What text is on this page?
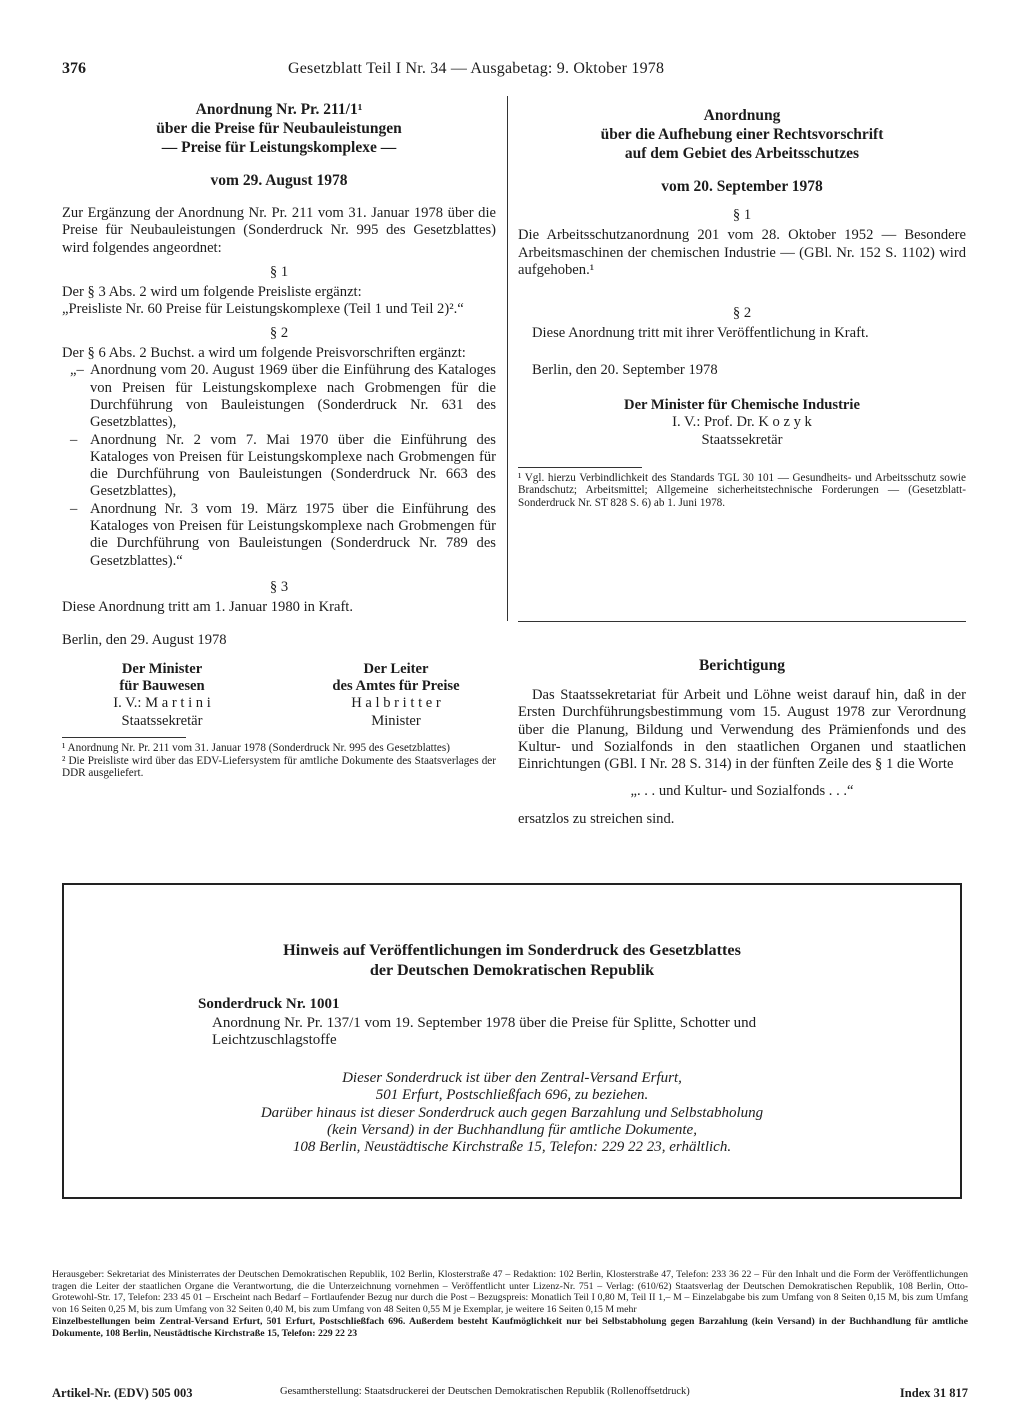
376	Gesetzblatt Teil I Nr. 34 — Ausgabetag: 9. Oktober 1978
Anordnung Nr. Pr. 211/1¹
über die Preise für Neubauleistungen
— Preise für Leistungskomplexe —
vom 29. August 1978

Zur Ergänzung der Anordnung Nr. Pr. 211 vom 31. Januar 1978 über die Preise für Neubauleistungen (Sonderdruck Nr. 995 des Gesetzblattes) wird folgendes angeordnet:

§ 1

Der § 3 Abs. 2 wird um folgende Preisliste ergänzt:

„Preisliste Nr. 60 Preise für Leistungskomplexe (Teil 1 und Teil 2)².“

§ 2

Der § 6 Abs. 2 Buchst. a wird um folgende Preisvorschriften ergänzt:

„– Anordnung vom 20. August 1969 über die Einführung des Kataloges von Preisen für Leistungskomplexe nach Grobmengen für die Durchführung von Bauleistungen (Sonderdruck Nr. 631 des Gesetzblattes),
– Anordnung Nr. 2 vom 7. Mai 1970 über die Einführung des Kataloges von Preisen für Leistungskomplexe nach Grobmengen für die Durchführung von Bauleistungen (Sonderdruck Nr. 663 des Gesetzblattes),
– Anordnung Nr. 3 vom 19. März 1975 über die Einführung des Kataloges von Preisen für Leistungskomplexe nach Grobmengen für die Durchführung von Bauleistungen (Sonderdruck Nr. 789 des Gesetzblattes).“
§ 3

Diese Anordnung tritt am 1. Januar 1980 in Kraft.

Berlin, den 29. August 1978

Der Minister
für Bauwesen
I. V.: M a r t i n i
Staatssekretär
Der Leiter
des Amtes für Preise
H a l b r i t t e r
Minister

¹ Anordnung Nr. Pr. 211 vom 31. Januar 1978 (Sonderdruck Nr. 995 des Gesetzblattes)

² Die Preisliste wird über das EDV-Liefersystem für amtliche Dokumente des Staatsverlages der DDR ausgeliefert.

Anordnung
über die Aufhebung einer Rechtsvorschrift
auf dem Gebiet des Arbeitsschutzes
vom 20. September 1978
§ 1

Die Arbeitsschutzanordnung 201 vom 28. Oktober 1952 — Besondere Arbeitsmaschinen der chemischen Industrie — (GBl. Nr. 152 S. 1102) wird aufgehoben.¹

§ 2

Diese Anordnung tritt mit ihrer Veröffentlichung in Kraft.

Berlin, den 20. September 1978

Der Minister für Chemische Industrie
I. V.: Prof. Dr. K o z y k
Staatssekretär

¹ Vgl. hierzu Verbindlichkeit des Standards TGL 30 101 — Gesundheits- und Arbeitsschutz sowie Brandschutz; Arbeitsmittel; Allgemeine sicherheitstechnische Forderungen — (Gesetzblatt-Sonderdruck Nr. ST 828 S. 6) ab 1. Juni 1978.

Berichtigung

Das Staatssekretariat für Arbeit und Löhne weist darauf hin, daß in der Ersten Durchführungsbestimmung vom 15. August 1978 zur Verordnung über die Planung, Bildung und Verwendung des Prämienfonds und des Kultur- und Sozialfonds in den staatlichen Organen und staatlichen Einrichtungen (GBl. I Nr. 28 S. 314) in der fünften Zeile des § 1 die Worte

„. . . und Kultur- und Sozialfonds . . .“

ersatzlos zu streichen sind.

Hinweis auf Veröffentlichungen im Sonderdruck des Gesetzblattes
der Deutschen Demokratischen Republik
Sonderdruck Nr. 1001
Anordnung Nr. Pr. 137/1 vom 19. September 1978 über die Preise für Splitte, Schotter und Leichtzuschlagstoffe
Dieser Sonderdruck ist über den Zentral-Versand Erfurt,
501 Erfurt, Postschließfach 696, zu beziehen.
Darüber hinaus ist dieser Sonderdruck auch gegen Barzahlung und Selbstabholung
(kein Versand) in der Buchhandlung für amtliche Dokumente,
108 Berlin, Neustädtische Kirchstraße 15, Telefon: 229 22 23, erhältlich.
Herausgeber: Sekretariat des Ministerrates der Deutschen Demokratischen Republik, 102 Berlin, Klosterstraße 47 – Redaktion: 102 Berlin, Klosterstraße 47, Telefon: 233 36 22 – Für den Inhalt und die Form der Veröffentlichungen tragen die Leiter der staatlichen Organe die Verantwortung, die die Unterzeichnung vornehmen – Veröffentlicht unter Lizenz-Nr. 751 – Verlag: (610/62) Staatsverlag der Deutschen Demokratischen Republik, 108 Berlin, Otto-Grotewohl-Str. 17, Telefon: 233 45 01 – Erscheint nach Bedarf – Fortlaufender Bezug nur durch die Post – Bezugspreis: Monatlich Teil I 0,80 M, Teil II 1,– M – Einzelabgabe bis zum Umfang von 8 Seiten 0,15 M, bis zum Umfang von 16 Seiten 0,25 M, bis zum Umfang von 32 Seiten 0,40 M, bis zum Umfang von 48 Seiten 0,55 M je Exemplar, je weitere 16 Seiten 0,15 M mehr
Einzelbestellungen beim Zentral-Versand Erfurt, 501 Erfurt, Postschließfach 696. Außerdem besteht Kaufmöglichkeit nur bei Selbstabholung gegen Barzahlung (kein Versand) in der Buchhandlung für amtliche Dokumente, 108 Berlin, Neustädtische Kirchstraße 15, Telefon: 229 22 23
Artikel-Nr. (EDV) 505 003	Gesamtherstellung: Staatsdruckerei der Deutschen Demokratischen Republik (Rollenoffsetdruck)	Index 31 817
